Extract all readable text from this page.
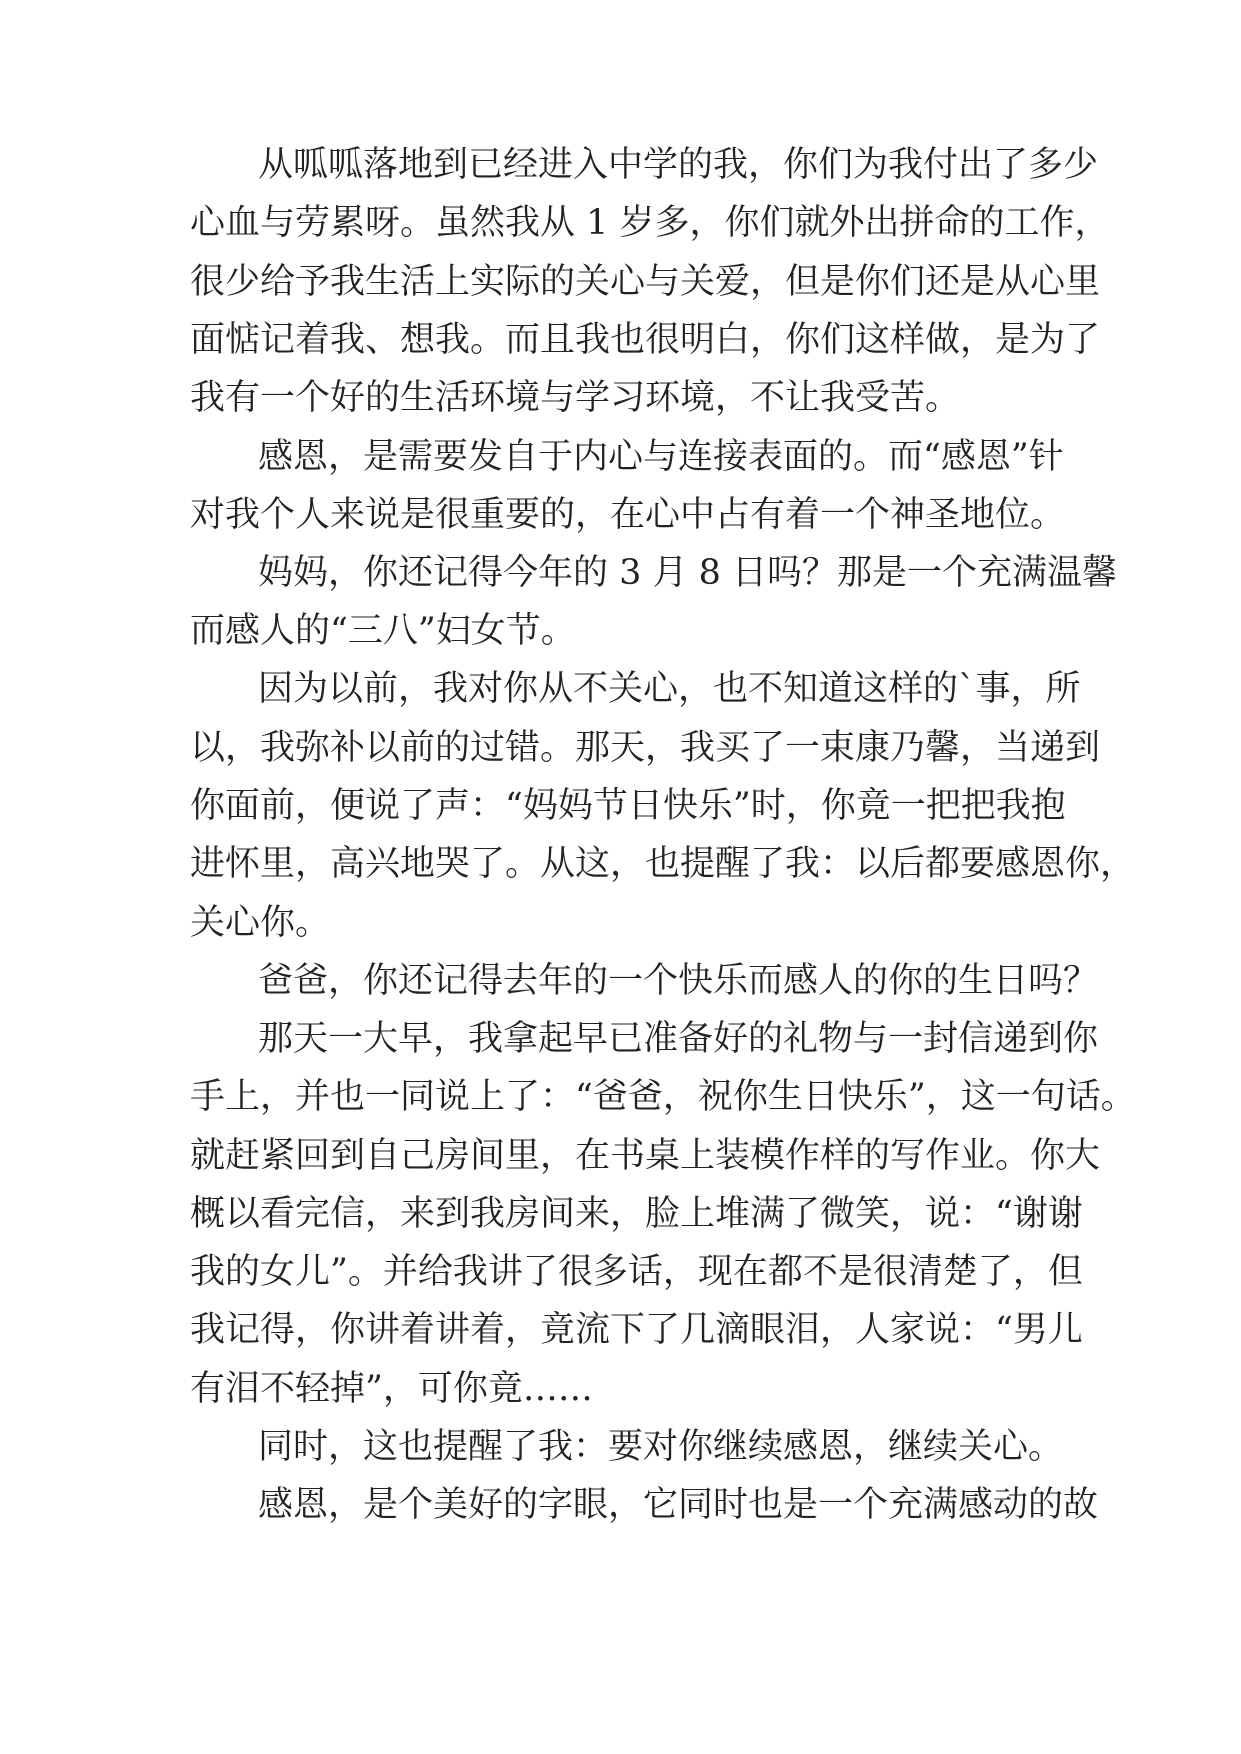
从呱呱落地到已经进入中学的我，你们为我付出了多少
心血与劳累呀。虽然我从 1 岁多，你们就外出拼命的工作，
很少给予我生活上实际的关心与关爱，但是你们还是从心里
面惦记着我、想我。而且我也很明白，你们这样做，是为了
我有一个好的生活环境与学习环境，不让我受苦。
感恩，是需要发自于内心与连接表面的。而“感恩”针
对我个人来说是很重要的，在心中占有着一个神圣地位。
妈妈，你还记得今年的 3 月 8 日吗？那是一个充满温馨
而感人的“三八”妇女节。
因为以前，我对你从不关心，也不知道这样的`事，所
以，我弥补以前的过错。那天，我买了一束康乃馨，当递到
你面前，便说了声：“妈妈节日快乐”时，你竟一把把我抱
进怀里，高兴地哭了。从这，也提醒了我：以后都要感恩你，
关心你。
爸爸，你还记得去年的一个快乐而感人的你的生日吗？
那天一大早，我拿起早已准备好的礼物与一封信递到你
手上，并也一同说上了：“爸爸，祝你生日快乐”，这一句话。
就赶紧回到自己房间里，在书桌上装模作样的写作业。你大
概以看完信，来到我房间来，脸上堆满了微笑，说：“谢谢
我的女儿”。并给我讲了很多话，现在都不是很清楚了，但
我记得，你讲着讲着，竟流下了几滴眼泪，人家说：“男儿
有泪不轻掉”，可你竟……
同时，这也提醒了我：要对你继续感恩，继续关心。
感恩，是个美好的字眼，它同时也是一个充满感动的故
